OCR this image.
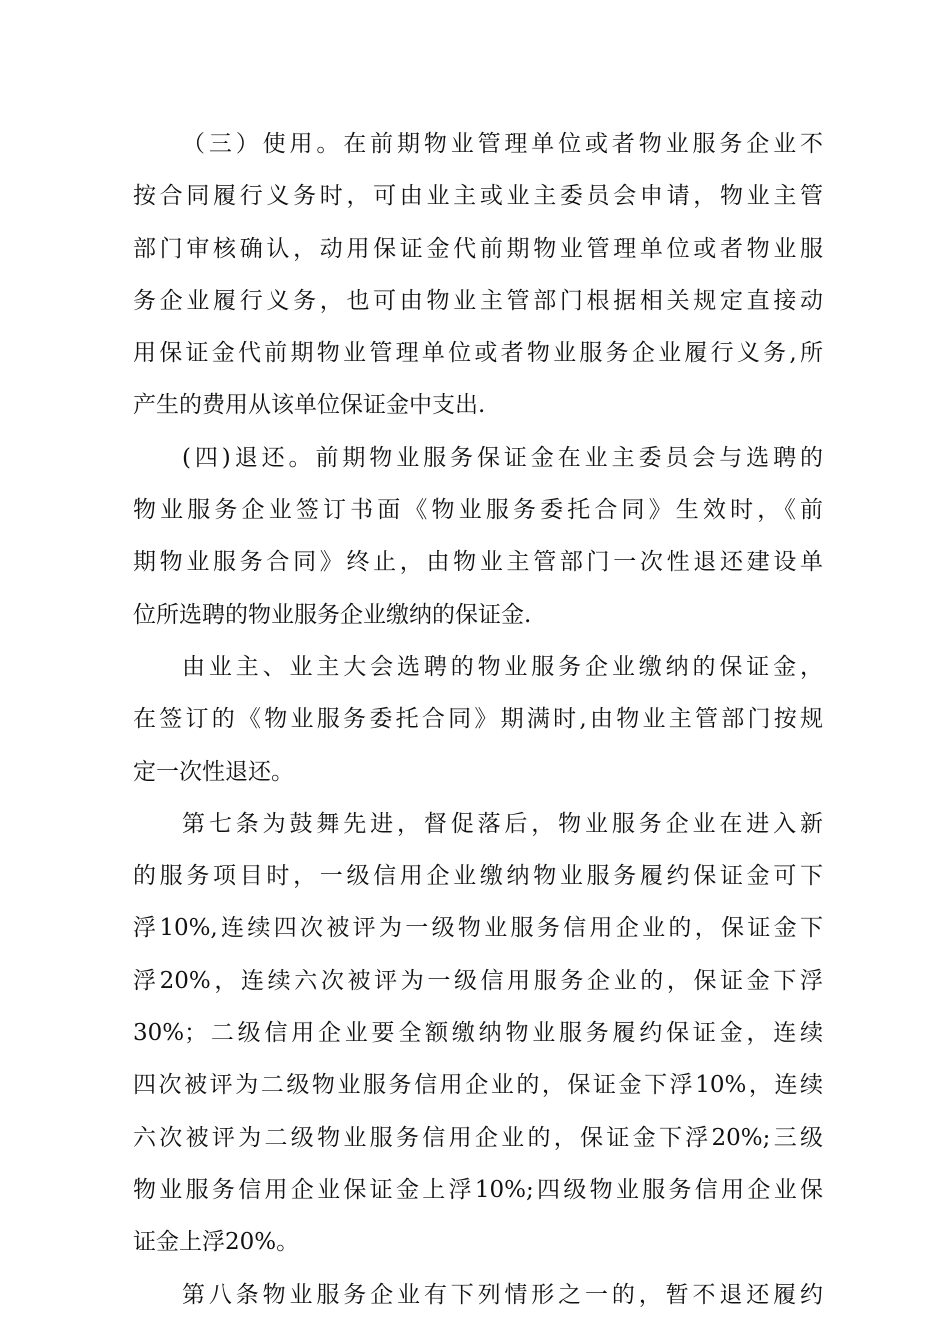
（三）使用。在前期物业管理单位或者物业服务企业不
按合同履行义务时，可由业主或业主委员会申请，物业主管
部门审核确认，动用保证金代前期物业管理单位或者物业服
务企业履行义务，也可由物业主管部门根据相关规定直接动
用保证金代前期物业管理单位或者物业服务企业履行义务,所
产生的费用从该单位保证金中支出.
(四)退还。前期物业服务保证金在业主委员会与选聘的
物业服务企业签订书面《物业服务委托合同》生效时，《前
期物业服务合同》终止，由物业主管部门一次性退还建设单
位所选聘的物业服务企业缴纳的保证金.
由业主、业主大会选聘的物业服务企业缴纳的保证金，
在签订的《物业服务委托合同》期满时,由物业主管部门按规
定一次性退还。
第七条为鼓舞先进，督促落后，物业服务企业在进入新
的服务项目时，一级信用企业缴纳物业服务履约保证金可下
浮10%,连续四次被评为一级物业服务信用企业的，保证金下
浮20%，连续六次被评为一级信用服务企业的，保证金下浮
30%；二级信用企业要全额缴纳物业服务履约保证金，连续
四次被评为二级物业服务信用企业的，保证金下浮10%，连续
六次被评为二级物业服务信用企业的，保证金下浮20%;三级
物业服务信用企业保证金上浮10%;四级物业服务信用企业保
证金上浮20%。
第八条物业服务企业有下列情形之一的，暂不退还履约
